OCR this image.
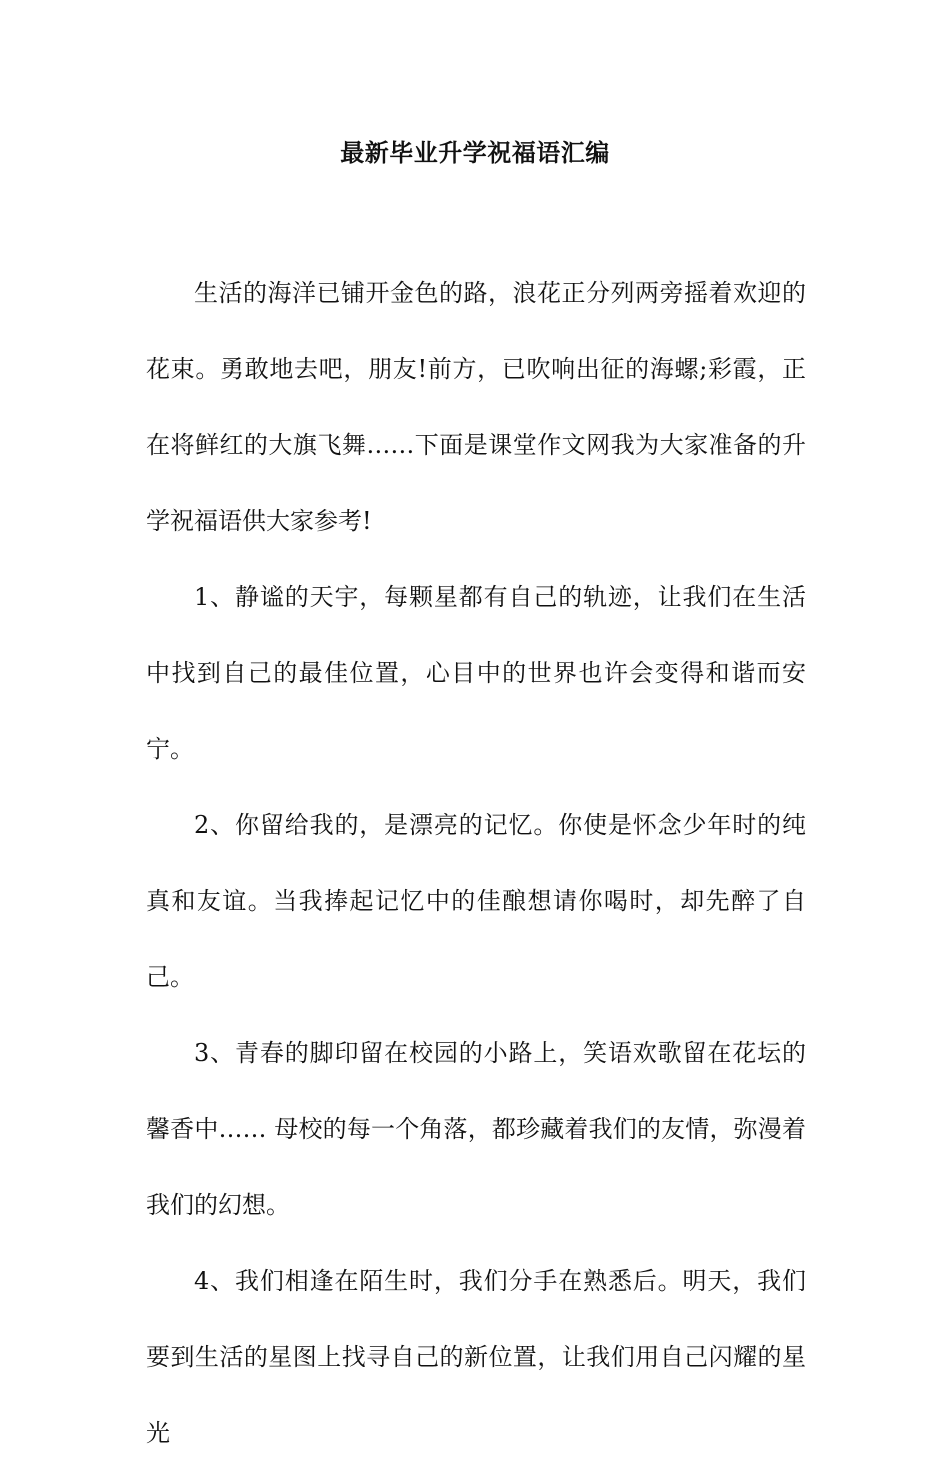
最新毕业升学祝福语汇编

生活的海洋已铺开金色的路，浪花正分列两旁摇着欢迎的花束。勇敢地去吧，朋友!前方，已吹响出征的海螺;彩霞，正在将鲜红的大旗飞舞……下面是课堂作文网我为大家准备的升学祝福语供大家参考!

1、静谧的天宇，每颗星都有自己的轨迹，让我们在生活中找到自己的最佳位置，心目中的世界也许会变得和谐而安宁。

2、你留给我的，是漂亮的记忆。你使是怀念少年时的纯真和友谊。当我捧起记忆中的佳酿想请你喝时，却先醉了自己。

3、青春的脚印留在校园的小路上，笑语欢歌留在花坛的馨香中…… 母校的每一个角落，都珍藏着我们的友情，弥漫着我们的幻想。

4、我们相逢在陌生时，我们分手在熟悉后。明天，我们要到生活的星图上找寻自己的新位置，让我们用自己闪耀的星光
